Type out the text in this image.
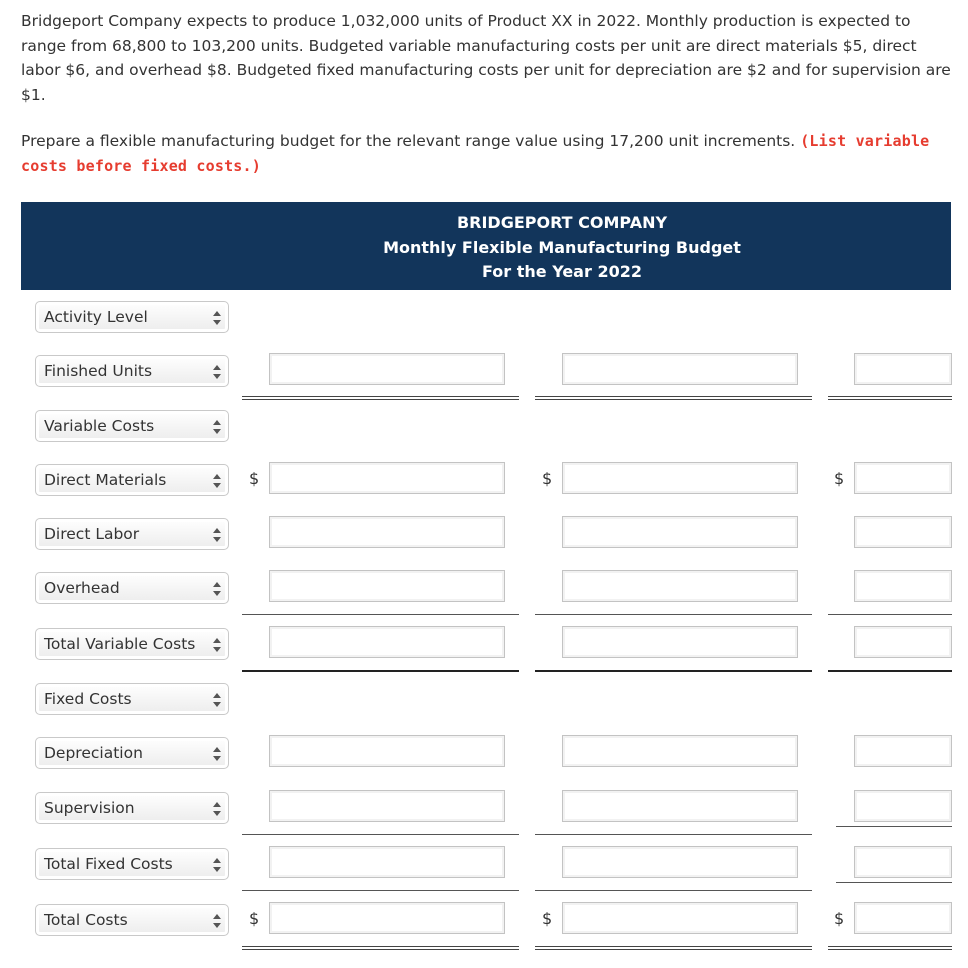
Bridgeport Company expects to produce 1,032,000 units of Product XX in 2022. Monthly production is expected to range from 68,800 to 103,200 units. Budgeted variable manufacturing costs per unit are direct materials $5, direct labor $6, and overhead $8. Budgeted fixed manufacturing costs per unit for depreciation are $2 and for supervision are $1.

Prepare a flexible manufacturing budget for the relevant range value using 17,200 unit increments. (List variable costs before fixed costs.)

BRIDGEPORT COMPANY
Monthly Flexible Manufacturing Budget
For the Year 2022
Activity Level
Finished Units
Variable Costs
Direct Materials	$	$	$
Direct Labor
Overhead
Total Variable Costs
Fixed Costs
Depreciation
Supervision
Total Fixed Costs
Total Costs	$	$	$
